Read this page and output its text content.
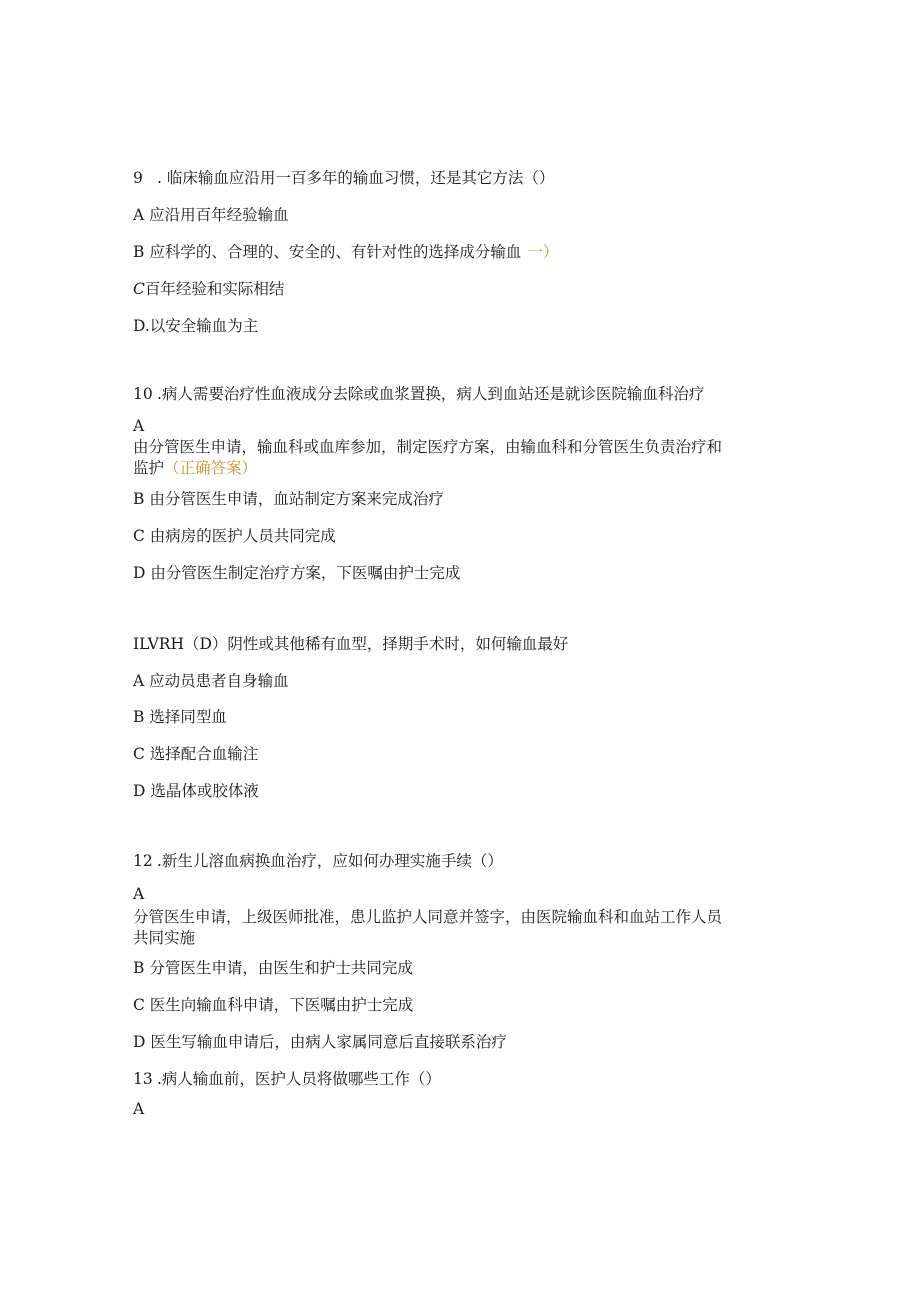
9 . 临床输血应沿用一百多年的输血习惯，还是其它方法（）
A 应沿用百年经验输血
B 应科学的、合理的、安全的、有针对性的选择成分输血 一）
C百年经验和实际相结
D.以安全输血为主
10 .病人需要治疗性血液成分去除或血浆置换，病人到血站还是就诊医院输血科治疗
A
由分管医生申请，输血科或血库参加，制定医疗方案，由输血科和分管医生负责治疗和
监护（正确答案）
B 由分管医生申请，血站制定方案来完成治疗
C 由病房的医护人员共同完成
D 由分管医生制定治疗方案，下医嘱由护士完成
ILVRH（D）阴性或其他稀有血型，择期手术时，如何输血最好
A 应动员患者自身输血
B 选择同型血
C 选择配合血输注
D 选晶体或胶体液
12 .新生儿溶血病换血治疗，应如何办理实施手续（）
A
分管医生申请，上级医师批准，患儿监护人同意并签字，由医院输血科和血站工作人员
共同实施
B 分管医生申请，由医生和护士共同完成
C 医生向输血科申请，下医嘱由护士完成
D 医生写输血申请后，由病人家属同意后直接联系治疗
13 .病人输血前，医护人员将做哪些工作（）
A
